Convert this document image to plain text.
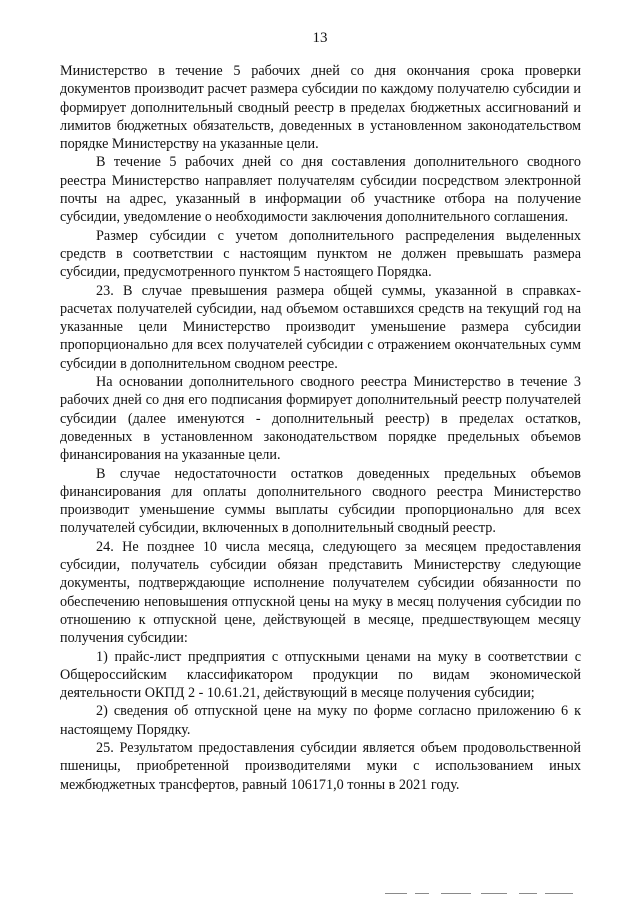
13

Министерство в течение 5 рабочих дней со дня окончания срока проверки документов производит расчет размера субсидии по каждому получателю субсидии и формирует дополнительный сводный реестр в пределах бюджетных ассигнований и лимитов бюджетных обязательств, доведенных в установленном законодательством порядке Министерству на указанные цели.

В течение 5 рабочих дней со дня составления дополнительного сводного реестра Министерство направляет получателям субсидии посредством электронной почты на адрес, указанный в информации об участнике отбора на получение субсидии, уведомление о необходимости заключения дополнительного соглашения.

Размер субсидии с учетом дополнительного распределения выделенных средств в соответствии с настоящим пунктом не должен превышать размера субсидии, предусмотренного пунктом 5 настоящего Порядка.

23. В случае превышения размера общей суммы, указанной в справках-расчетах получателей субсидии, над объемом оставшихся средств на текущий год на указанные цели Министерство производит уменьшение размера субсидии пропорционально для всех получателей субсидии с отражением окончательных сумм субсидии в дополнительном сводном реестре.

На основании дополнительного сводного реестра Министерство в течение 3 рабочих дней со дня его подписания формирует дополнительный реестр получателей субсидии (далее именуются - дополнительный реестр) в пределах остатков, доведенных в установленном законодательством порядке предельных объемов финансирования на указанные цели.

В случае недостаточности остатков доведенных предельных объемов финансирования для оплаты дополнительного сводного реестра Министерство производит уменьшение суммы выплаты субсидии пропорционально для всех получателей субсидии, включенных в дополнительный сводный реестр.

24. Не позднее 10 числа месяца, следующего за месяцем предоставления субсидии, получатель субсидии обязан представить Министерству следующие документы, подтверждающие исполнение получателем субсидии обязанности по обеспечению неповышения отпускной цены на муку в месяц получения субсидии по отношению к отпускной цене, действующей в месяце, предшествующем месяцу получения субсидии:

1) прайс-лист предприятия с отпускными ценами на муку в соответствии с Общероссийским классификатором продукции по видам экономической деятельности ОКПД 2 - 10.61.21, действующий в месяце получения субсидии;

2) сведения об отпускной цене на муку по форме согласно приложению 6 к настоящему Порядку.

25. Результатом предоставления субсидии является объем продовольственной пшеницы, приобретенной производителями муки с использованием иных межбюджетных трансфертов, равный 106171,0 тонны в 2021 году.
